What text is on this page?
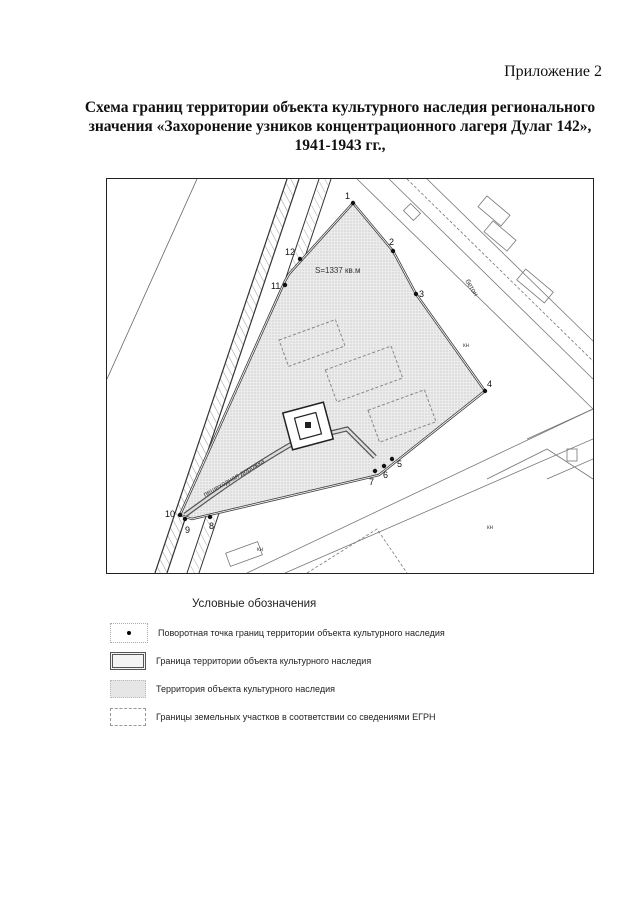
Приложение 2
Схема границ территории объекта культурного наследия регионального
значения «Захоронение узников концентрационного лагеря Дулаг 142»,
1941-1943 гг.,
S=1337 кв.м
пешеходная дорожка
бетон
кн
кн
кн
1
2
3
4
5
6
7
8
9
10
11
12
Условные обозначения
Поворотная точка границ территории объекта культурного наследия
Граница территории объекта культурного наследия
Территория объекта культурного наследия
Границы земельных участков в соответствии со сведениями ЕГРН
